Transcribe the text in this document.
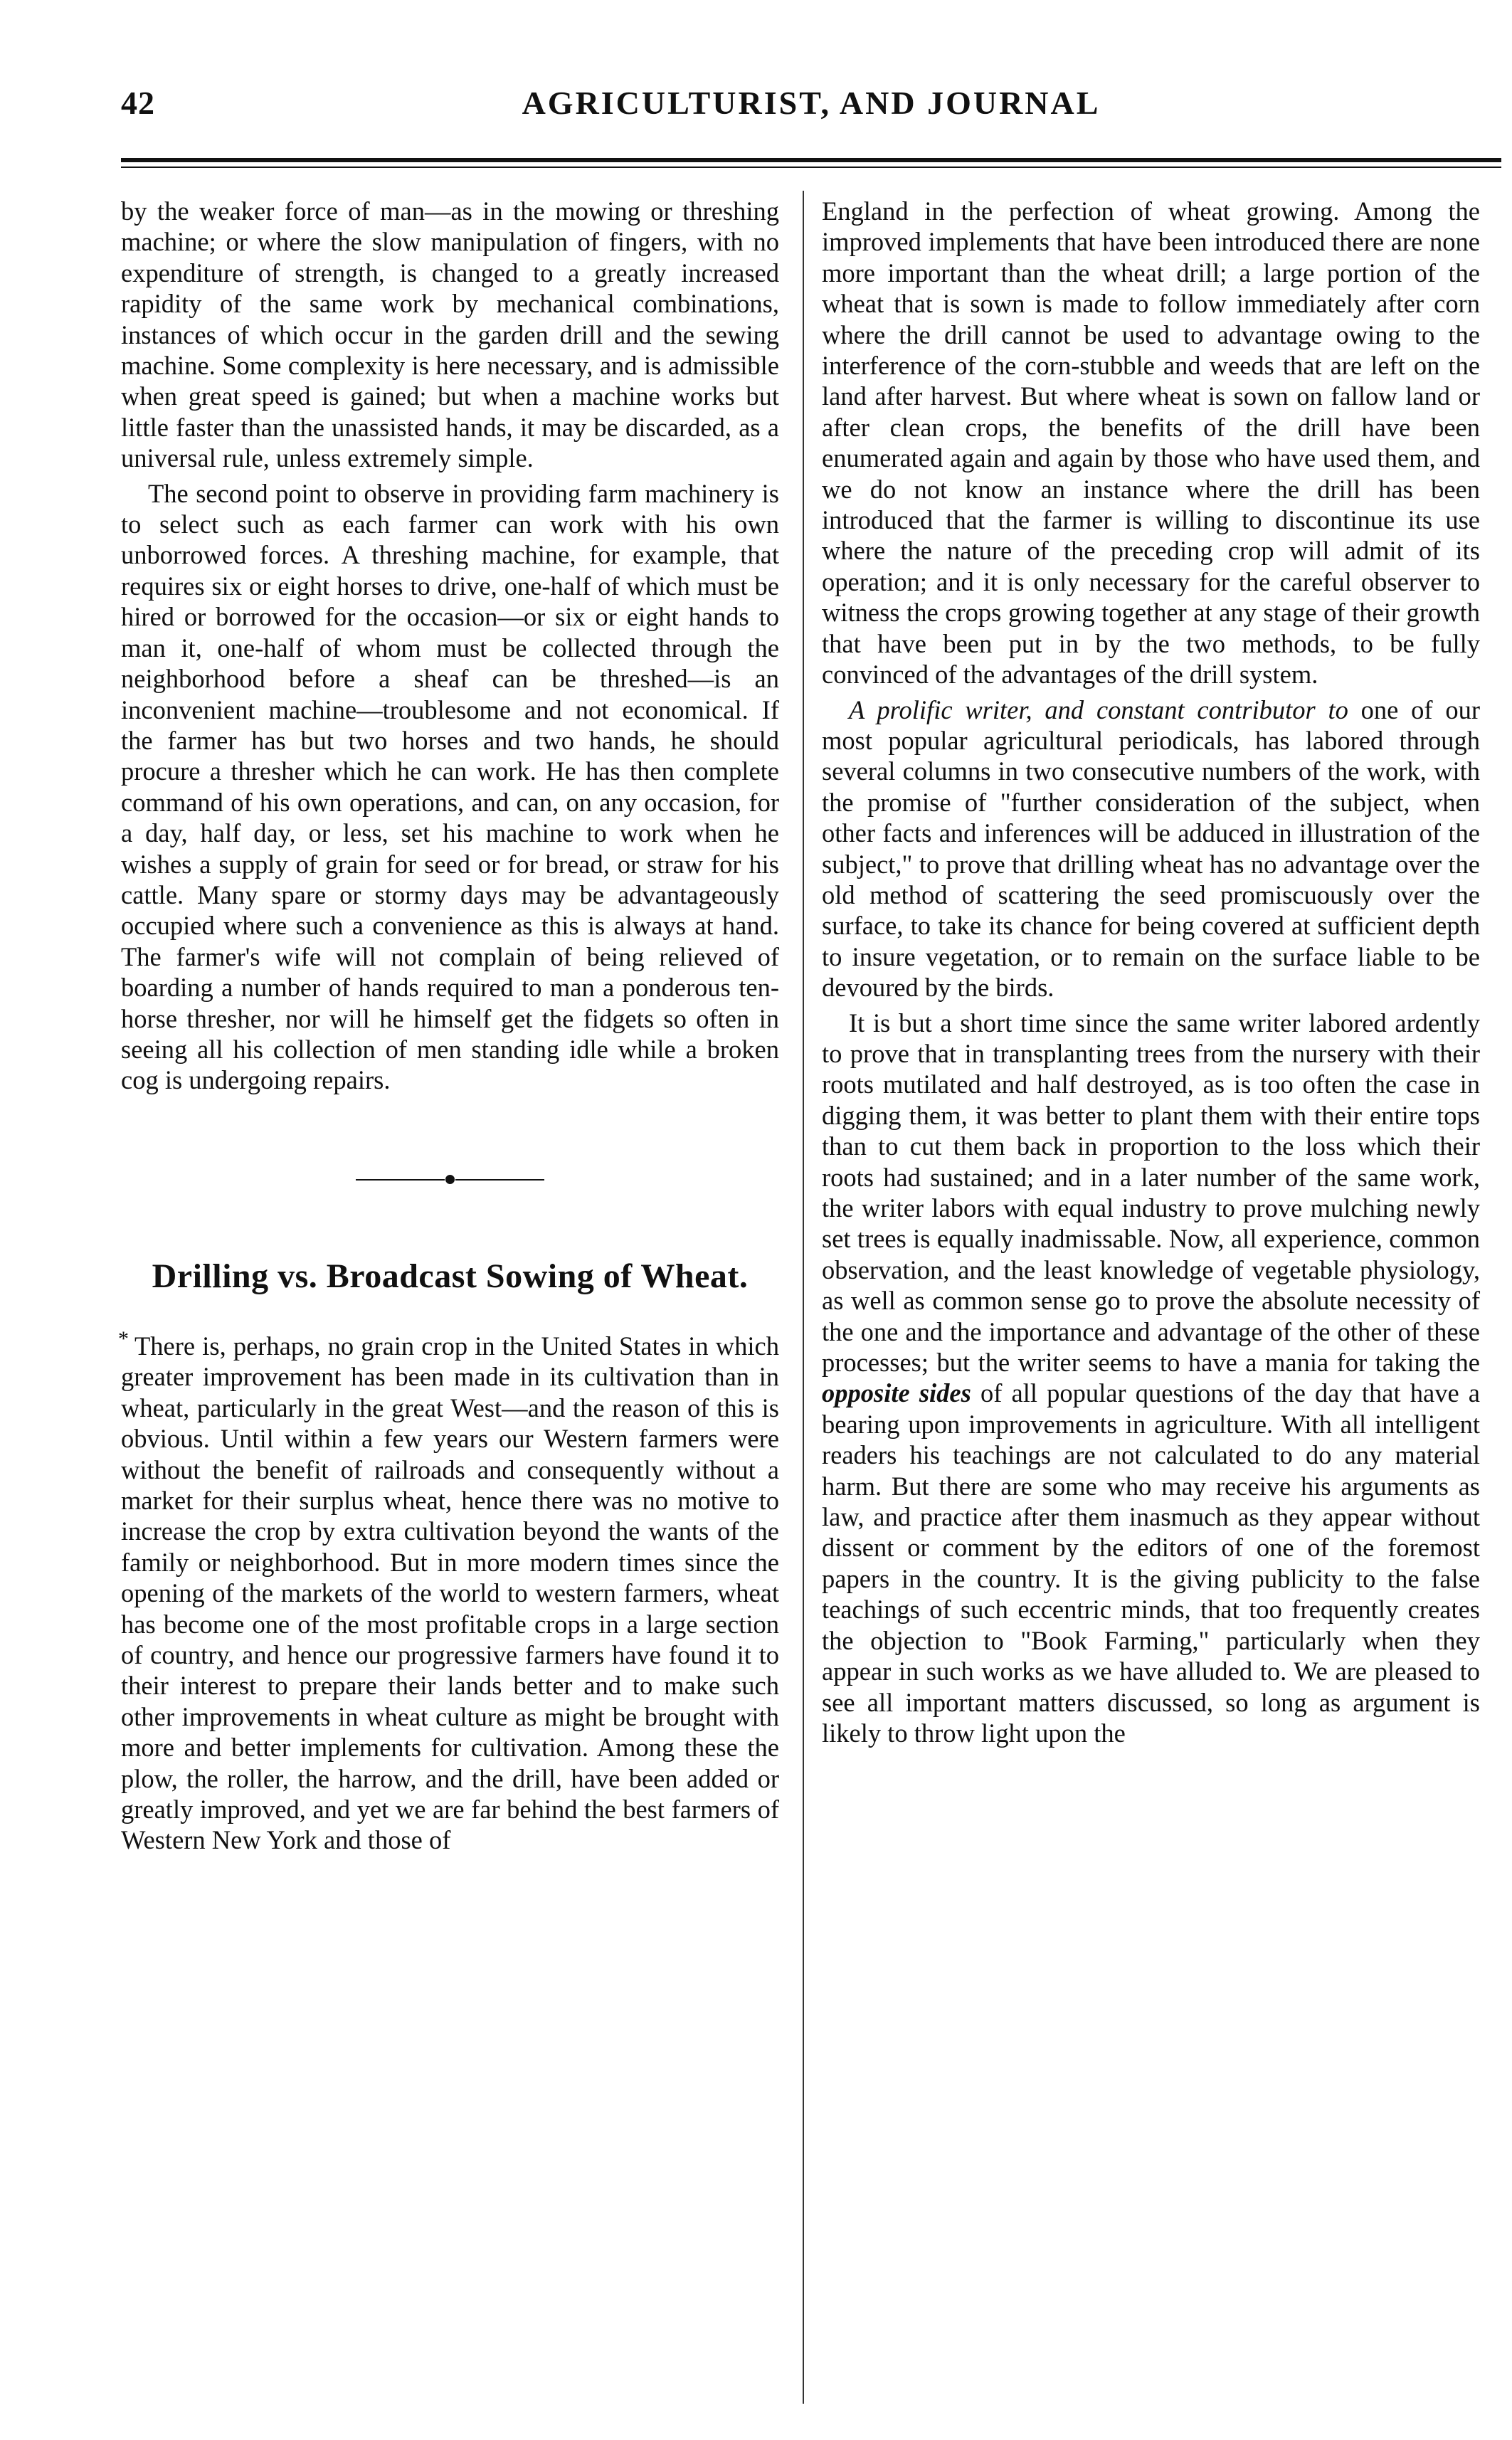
42	AGRICULTURIST, AND JOURNAL

by the weaker force of man—as in the mowing or threshing machine; or where the slow manipulation of fingers, with no expenditure of strength, is changed to a greatly increased rapidity of the same work by mechanical combinations, instances of which occur in the garden drill and the sewing machine. Some complexity is here necessary, and is admissible when great speed is gained; but when a machine works but little faster than the unassisted hands, it may be discarded, as a universal rule, unless extremely simple.

The second point to observe in providing farm machinery is to select such as each farmer can work with his own unborrowed forces. A threshing machine, for example, that requires six or eight horses to drive, one-half of which must be hired or borrowed for the occasion—or six or eight hands to man it, one-half of whom must be collected through the neighborhood before a sheaf can be threshed—is an inconvenient machine—troublesome and not economical. If the farmer has but two horses and two hands, he should procure a thresher which he can work. He has then complete command of his own operations, and can, on any occasion, for a day, half day, or less, set his machine to work when he wishes a supply of grain for seed or for bread, or straw for his cattle. Many spare or stormy days may be advantageously occupied where such a convenience as this is always at hand. The farmer's wife will not complain of being relieved of boarding a number of hands required to man a ponderous ten-horse thresher, nor will he himself get the fidgets so often in seeing all his collection of men standing idle while a broken cog is undergoing repairs.

Drilling vs. Broadcast Sowing of Wheat.

* There is, perhaps, no grain crop in the United States in which greater improvement has been made in its cultivation than in wheat, particularly in the great West—and the reason of this is obvious. Until within a few years our Western farmers were without the benefit of railroads and consequently without a market for their surplus wheat, hence there was no motive to increase the crop by extra cultivation beyond the wants of the family or neighborhood. But in more modern times since the opening of the markets of the world to western farmers, wheat has become one of the most profitable crops in a large section of country, and hence our progressive farmers have found it to their interest to prepare their lands better and to make such other improvements in wheat culture as might be brought with more and better implements for cultivation. Among these the plow, the roller, the harrow, and the drill, have been added or greatly improved, and yet we are far behind the best farmers of Western New York and those of

England in the perfection of wheat growing. Among the improved implements that have been introduced there are none more important than the wheat drill; a large portion of the wheat that is sown is made to follow immediately after corn where the drill cannot be used to advantage owing to the interference of the corn-stubble and weeds that are left on the land after harvest. But where wheat is sown on fallow land or after clean crops, the benefits of the drill have been enumerated again and again by those who have used them, and we do not know an instance where the drill has been introduced that the farmer is willing to discontinue its use where the nature of the preceding crop will admit of its operation; and it is only necessary for the careful observer to witness the crops growing together at any stage of their growth that have been put in by the two methods, to be fully convinced of the advantages of the drill system.

A prolific writer, and constant contributor to one of our most popular agricultural periodicals, has labored through several columns in two consecutive numbers of the work, with the promise of "further consideration of the subject, when other facts and inferences will be adduced in illustration of the subject," to prove that drilling wheat has no advantage over the old method of scattering the seed promiscuously over the surface, to take its chance for being covered at sufficient depth to insure vegetation, or to remain on the surface liable to be devoured by the birds.

It is but a short time since the same writer labored ardently to prove that in transplanting trees from the nursery with their roots mutilated and half destroyed, as is too often the case in digging them, it was better to plant them with their entire tops than to cut them back in proportion to the loss which their roots had sustained; and in a later number of the same work, the writer labors with equal industry to prove mulching newly set trees is equally inadmissable. Now, all experience, common observation, and the least knowledge of vegetable physiology, as well as common sense go to prove the absolute necessity of the one and the importance and advantage of the other of these processes; but the writer seems to have a mania for taking the opposite sides of all popular questions of the day that have a bearing upon improvements in agriculture. With all intelligent readers his teachings are not calculated to do any material harm. But there are some who may receive his arguments as law, and practice after them inasmuch as they appear without dissent or comment by the editors of one of the foremost papers in the country. It is the giving publicity to the false teachings of such eccentric minds, that too frequently creates the objection to "Book Farming," particularly when they appear in such works as we have alluded to. We are pleased to see all important matters discussed, so long as argument is likely to throw light upon the
